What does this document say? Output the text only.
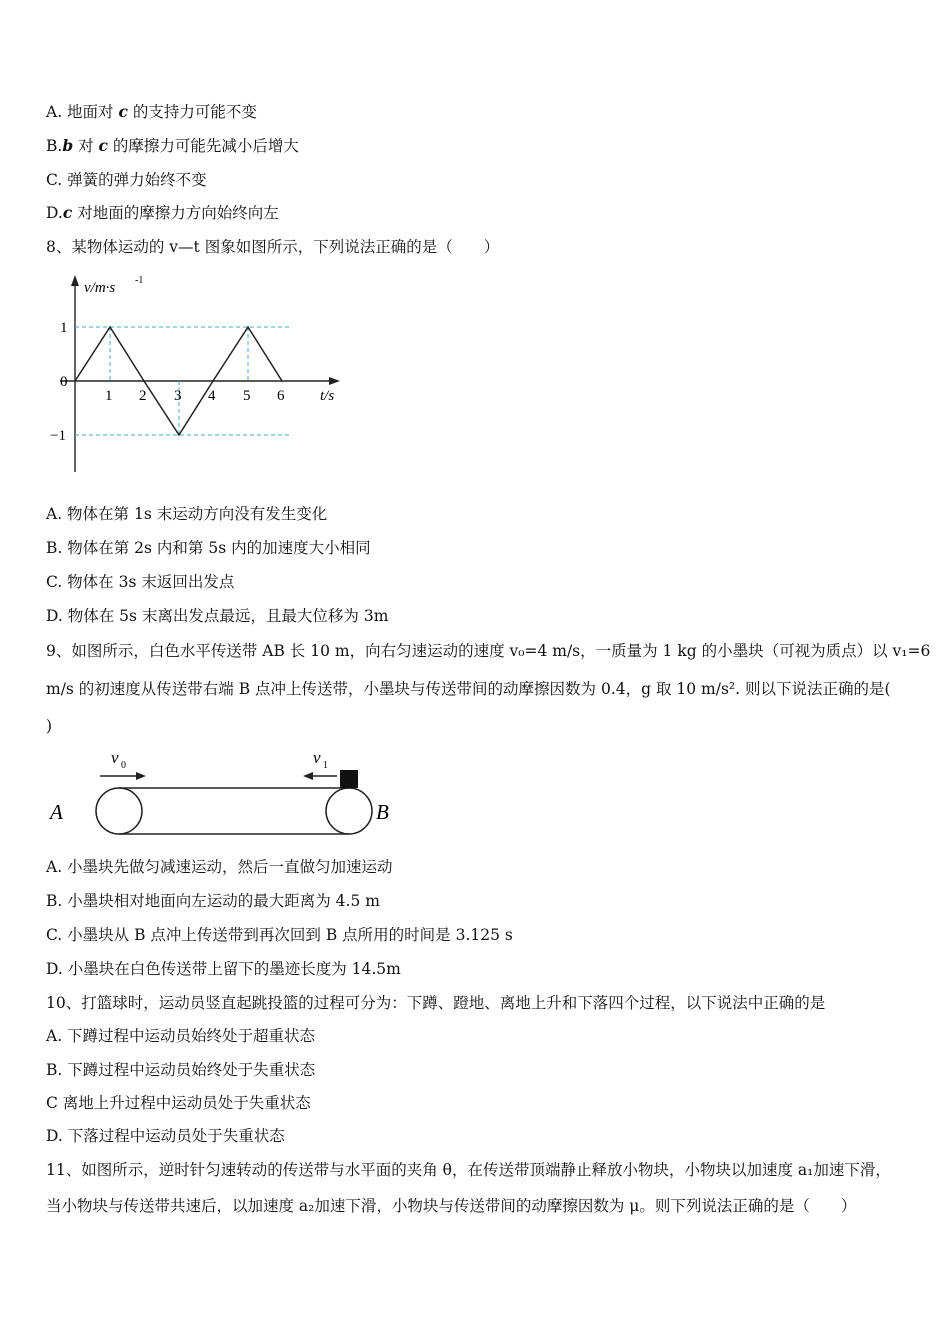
A. 地面对 c 的支持力可能不变
B.b 对 c 的摩擦力可能先减小后增大
C. 弹簧的弹力始终不变
D.c 对地面的摩擦力方向始终向左
8、某物体运动的 v—t 图象如图所示，下列说法正确的是（　　）
v/m·s -1
t/s
0
1
−1
1 2 3 4 5 6
A. 物体在第 1s 末运动方向没有发生变化
B. 物体在第 2s 内和第 5s 内的加速度大小相同
C. 物体在 3s 末返回出发点
D. 物体在 5s 末离出发点最远，且最大位移为 3m
9、如图所示，白色水平传送带 AB 长 10 m，向右匀速运动的速度 v₀=4 m/s，一质量为 1 kg 的小墨块（可视为质点）以 v₁=6
m/s 的初速度从传送带右端 B 点冲上传送带，小墨块与传送带间的动摩擦因数为 0.4，g 取 10 m/s². 则以下说法正确的是(
)
A	B
v 0	v 1
A. 小墨块先做匀减速运动，然后一直做匀加速运动
B. 小墨块相对地面向左运动的最大距离为 4.5 m
C. 小墨块从 B 点冲上传送带到再次回到 B 点所用的时间是 3.125 s
D. 小墨块在白色传送带上留下的墨迹长度为 14.5m
10、打篮球时，运动员竖直起跳投篮的过程可分为：下蹲、蹬地、离地上升和下落四个过程，以下说法中正确的是
A. 下蹲过程中运动员始终处于超重状态
B. 下蹲过程中运动员始终处于失重状态
C 离地上升过程中运动员处于失重状态
D. 下落过程中运动员处于失重状态
11、如图所示，逆时针匀速转动的传送带与水平面的夹角 θ，在传送带顶端静止释放小物块，小物块以加速度 a₁加速下滑，
当小物块与传送带共速后，以加速度 a₂加速下滑，小物块与传送带间的动摩擦因数为 μ。则下列说法正确的是（　　）
